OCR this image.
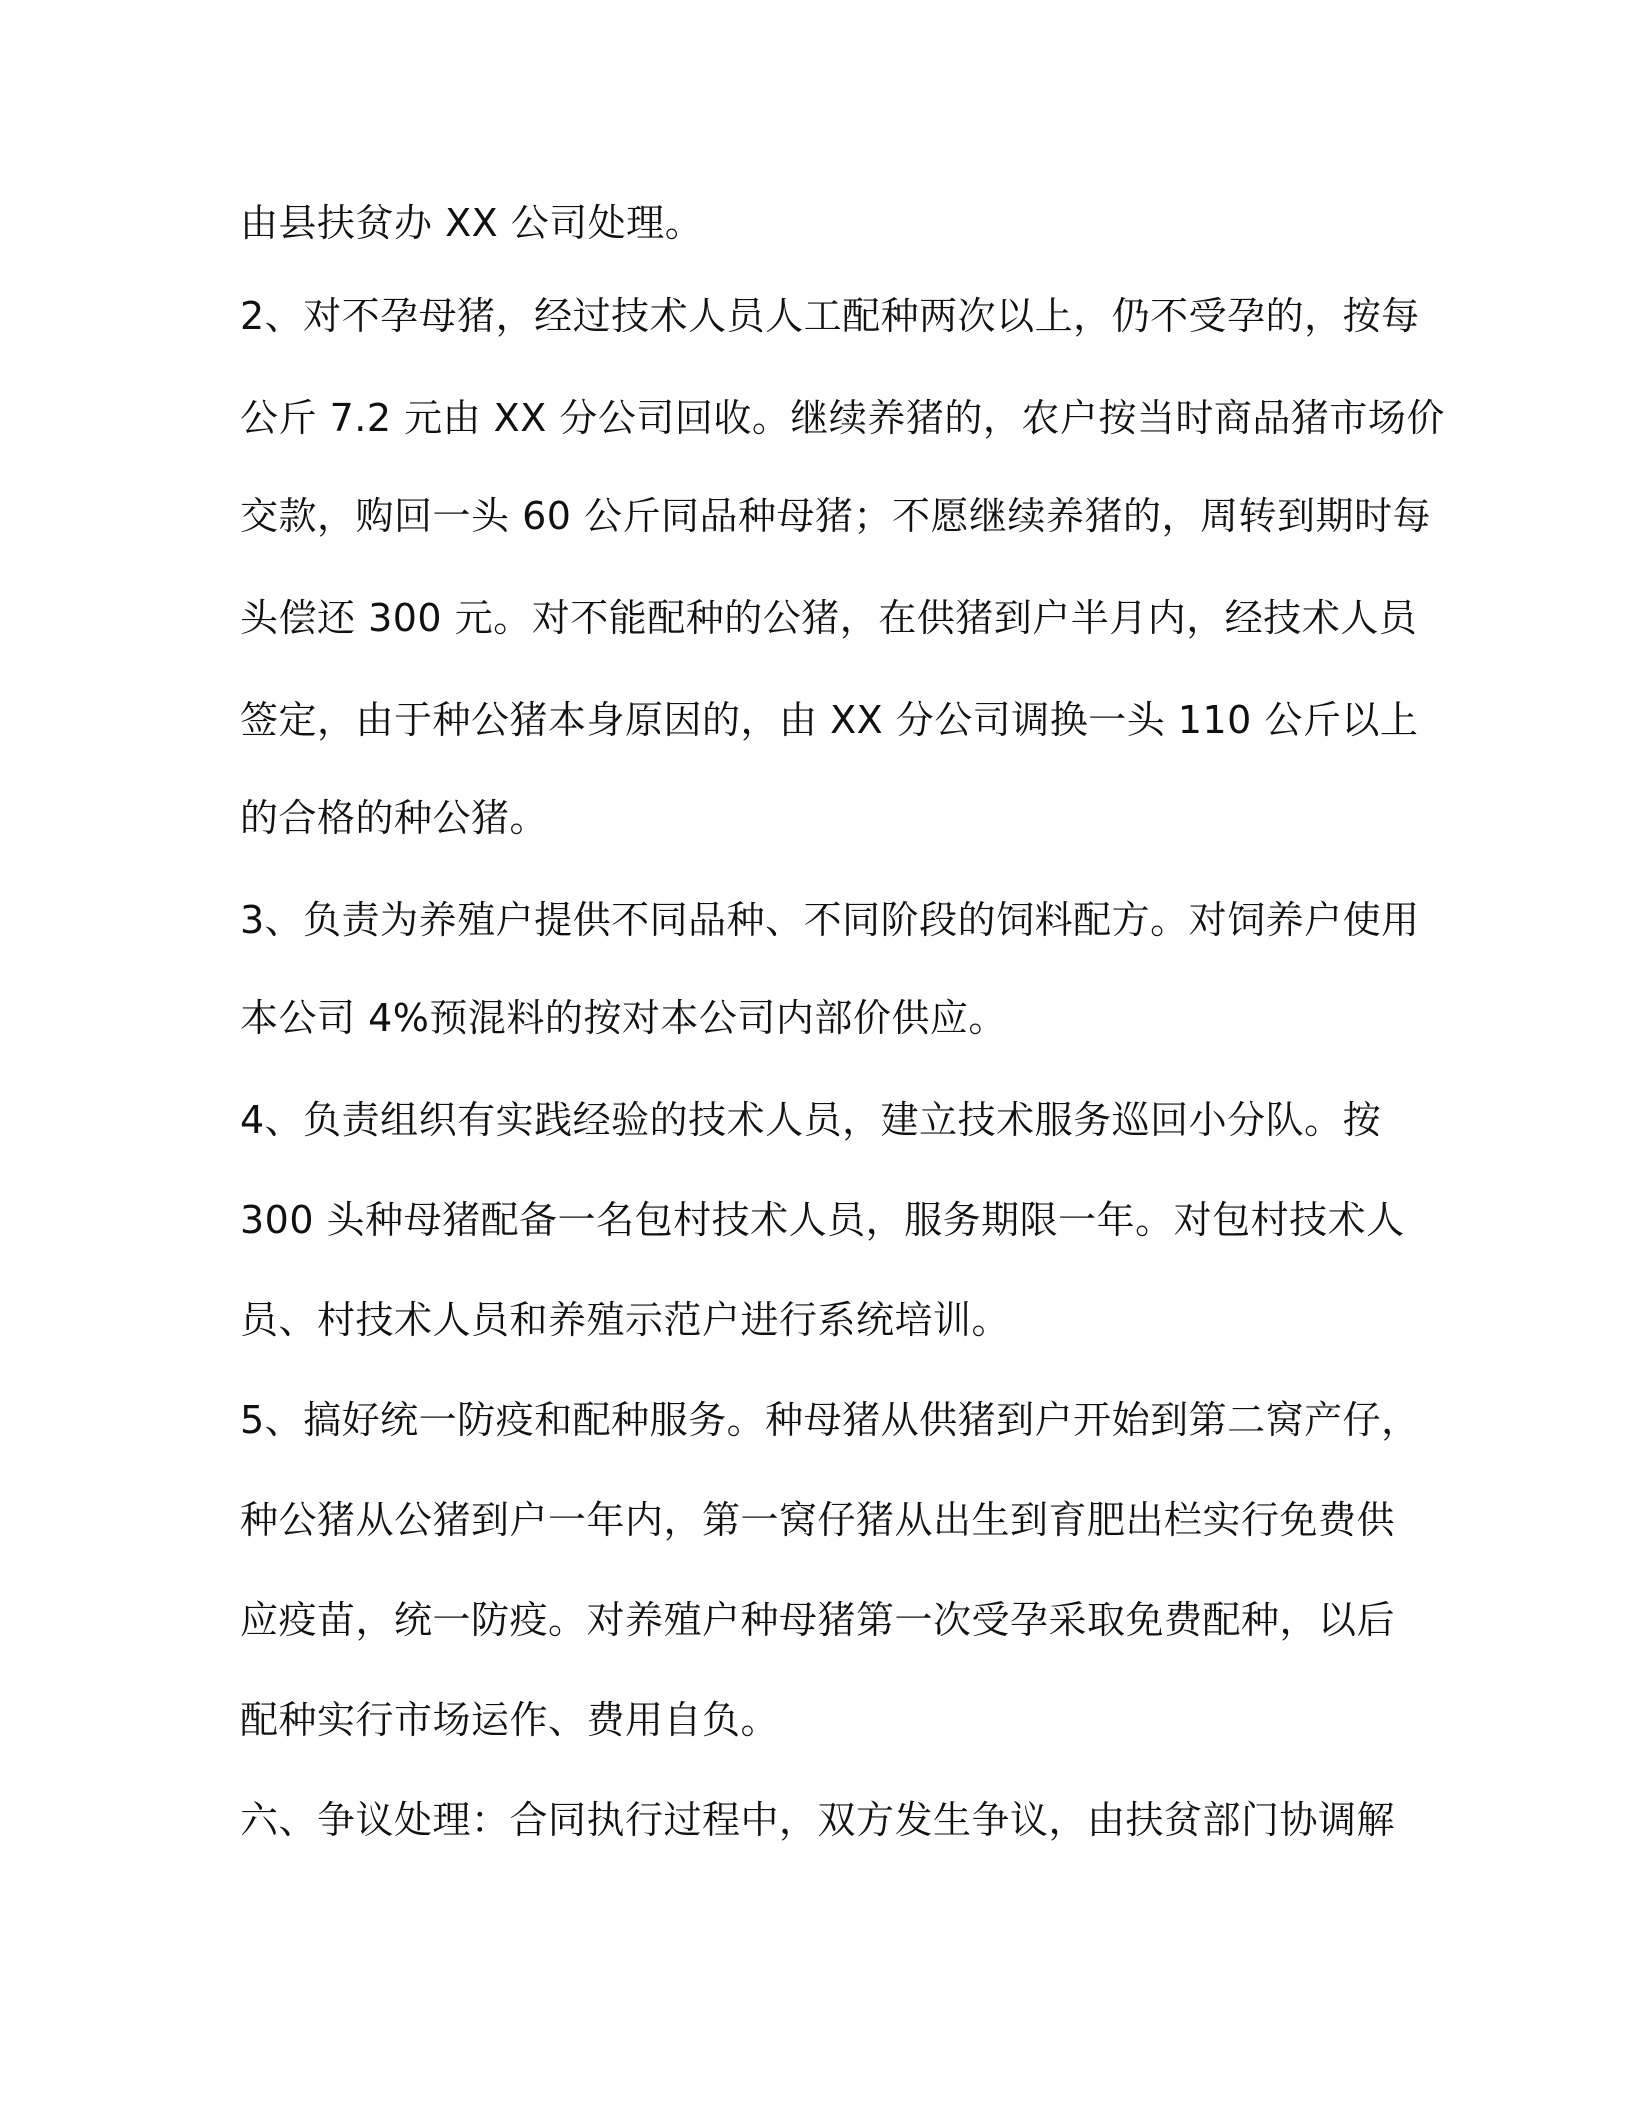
由县扶贫办 XX 公司处理。
2、对不孕母猪，经过技术人员人工配种两次以上，仍不受孕的，按每
公斤 7.2 元由 XX 分公司回收。继续养猪的，农户按当时商品猪市场价
交款，购回一头 60 公斤同品种母猪；不愿继续养猪的，周转到期时每
头偿还 300 元。对不能配种的公猪，在供猪到户半月内，经技术人员
签定，由于种公猪本身原因的，由 XX 分公司调换一头 110 公斤以上
的合格的种公猪。
3、负责为养殖户提供不同品种、不同阶段的饲料配方。对饲养户使用
本公司 4%预混料的按对本公司内部价供应。
4、负责组织有实践经验的技术人员，建立技术服务巡回小分队。按
300 头种母猪配备一名包村技术人员，服务期限一年。对包村技术人
员、村技术人员和养殖示范户进行系统培训。
5、搞好统一防疫和配种服务。种母猪从供猪到户开始到第二窝产仔，
种公猪从公猪到户一年内，第一窝仔猪从出生到育肥出栏实行免费供
应疫苗，统一防疫。对养殖户种母猪第一次受孕采取免费配种，以后
配种实行市场运作、费用自负。
六、争议处理：合同执行过程中，双方发生争议，由扶贫部门协调解
